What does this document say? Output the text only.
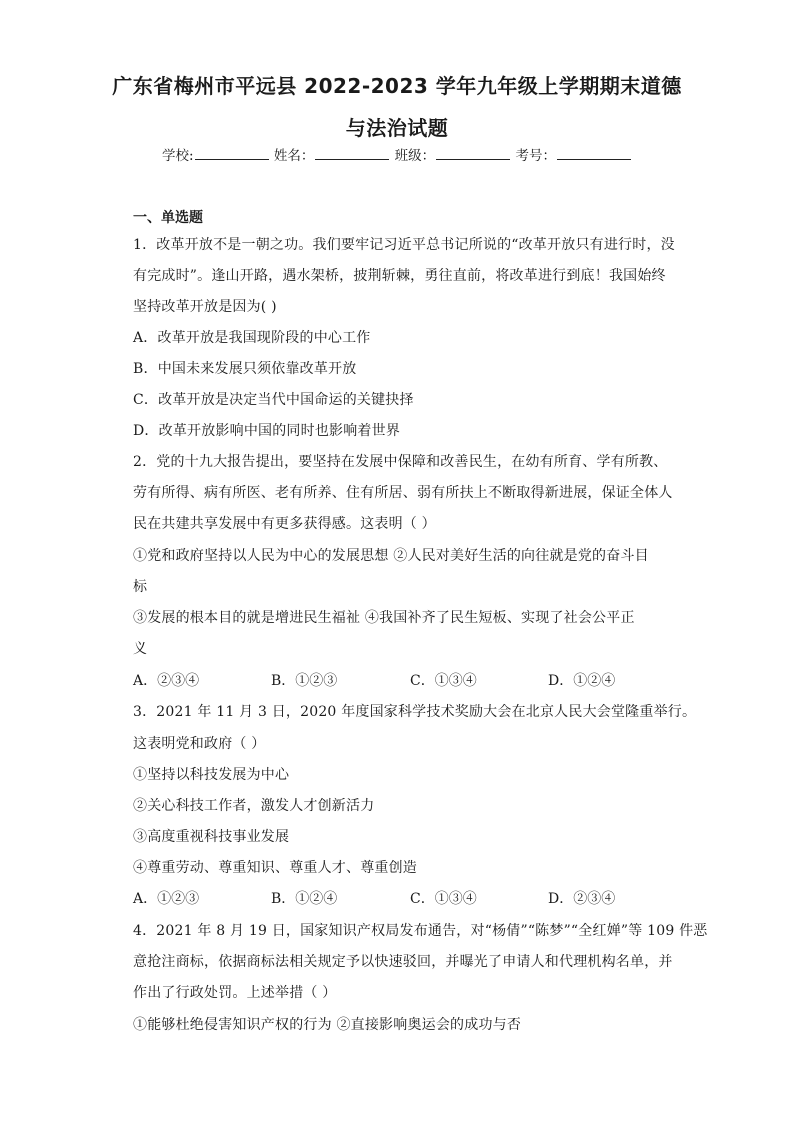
广东省梅州市平远县 2022-2023 学年九年级上学期期末道德
与法治试题
学校:	姓名：	班级：	考号：
一、单选题
1．改革开放不是一朝之功。我们要牢记习近平总书记所说的“改革开放只有进行时，没
有完成时”。逢山开路，遇水架桥，披荆斩棘，勇往直前，将改革进行到底！我国始终
坚持改革开放是因为( )
A．改革开放是我国现阶段的中心工作
B．中国未来发展只须依靠改革开放
C．改革开放是决定当代中国命运的关键抉择
D．改革开放影响中国的同时也影响着世界
2．党的十九大报告提出，要坚持在发展中保障和改善民生，在幼有所育、学有所教、
劳有所得、病有所医、老有所养、住有所居、弱有所扶上不断取得新进展，保证全体人
民在共建共享发展中有更多获得感。这表明（ ）
①党和政府坚持以人民为中心的发展思想 ②人民对美好生活的向往就是党的奋斗目
标
③发展的根本目的就是增进民生福祉 ④我国补齐了民生短板、实现了社会公平正
义
A．②③④	B．①②③	C．①③④	D．①②④
3．2021 年 11 月 3 日，2020 年度国家科学技术奖励大会在北京人民大会堂隆重举行。
这表明党和政府（ ）
①坚持以科技发展为中心
②关心科技工作者，激发人才创新活力
③高度重视科技事业发展
④尊重劳动、尊重知识、尊重人才、尊重创造
A．①②③	B．①②④	C．①③④	D．②③④
4．2021 年 8 月 19 日，国家知识产权局发布通告，对“杨倩”“陈梦”“全红婵”等 109 件恶
意抢注商标，依据商标法相关规定予以快速驳回，并曝光了申请人和代理机构名单，并
作出了行政处罚。上述举措（ ）
①能够杜绝侵害知识产权的行为 ②直接影响奥运会的成功与否
